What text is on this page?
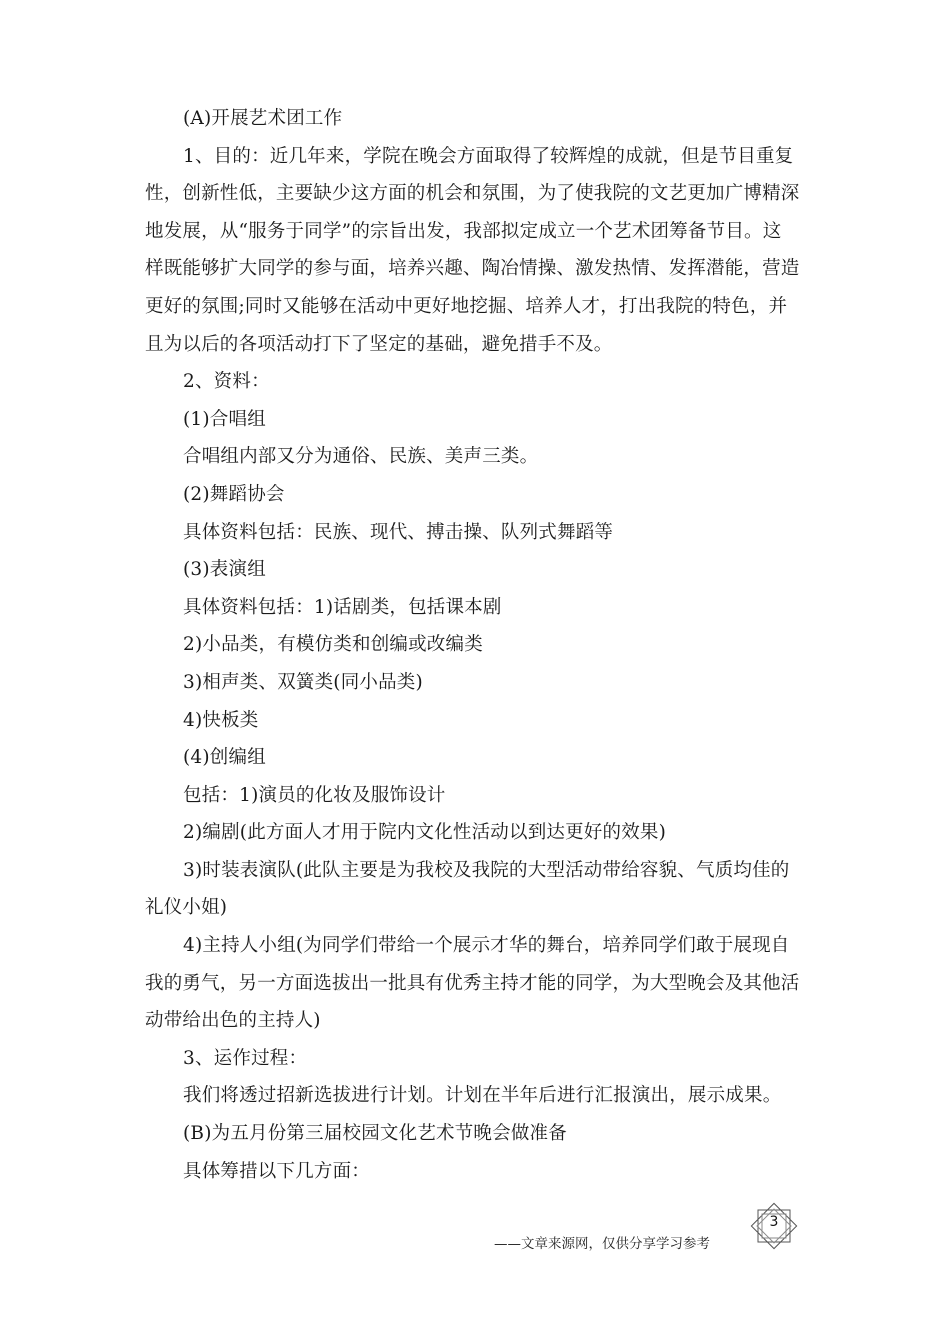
(A)开展艺术团工作
1、目的：近几年来，学院在晚会方面取得了较辉煌的成就，但是节目重复
性，创新性低，主要缺少这方面的机会和氛围，为了使我院的文艺更加广博精深
地发展，从“服务于同学”的宗旨出发，我部拟定成立一个艺术团筹备节目。这
样既能够扩大同学的参与面，培养兴趣、陶冶情操、激发热情、发挥潜能，营造
更好的氛围;同时又能够在活动中更好地挖掘、培养人才，打出我院的特色，并
且为以后的各项活动打下了坚定的基础，避免措手不及。
2、资料：
(1)合唱组
合唱组内部又分为通俗、民族、美声三类。
(2)舞蹈协会
具体资料包括：民族、现代、搏击操、队列式舞蹈等
(3)表演组
具体资料包括：1)话剧类，包括课本剧
2)小品类，有模仿类和创编或改编类
3)相声类、双簧类(同小品类)
4)快板类
(4)创编组
包括：1)演员的化妆及服饰设计
2)编剧(此方面人才用于院内文化性活动以到达更好的效果)
3)时装表演队(此队主要是为我校及我院的大型活动带给容貌、气质均佳的
礼仪小姐)
4)主持人小组(为同学们带给一个展示才华的舞台，培养同学们敢于展现自
我的勇气，另一方面选拔出一批具有优秀主持才能的同学，为大型晚会及其他活
动带给出色的主持人)
3、运作过程：
我们将透过招新选拔进行计划。计划在半年后进行汇报演出，展示成果。
(B)为五月份第三届校园文化艺术节晚会做准备
具体筹措以下几方面：
——文章来源网，仅供分享学习参考
3
